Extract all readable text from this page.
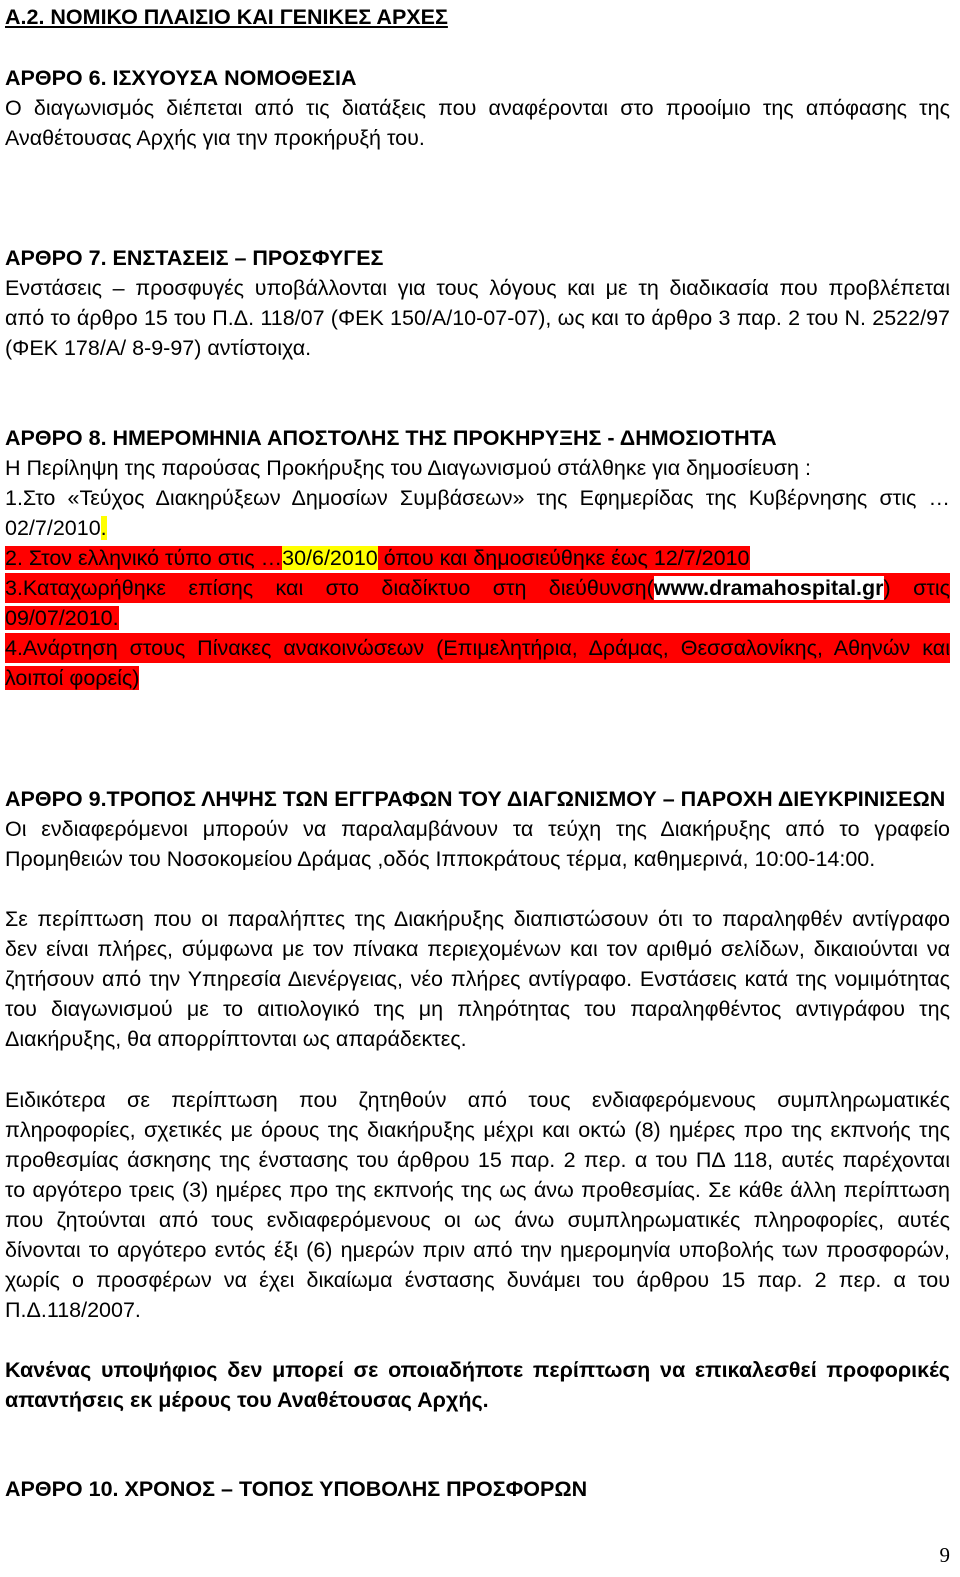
Α.2. ΝΟΜΙΚΟ ΠΛΑΙΣΙΟ ΚΑΙ ΓΕΝΙΚΕΣ ΑΡΧΕΣ
ΑΡΘΡΟ 6. ΙΣΧΥΟΥΣΑ ΝΟΜΟΘΕΣΙΑ
Ο διαγωνισμός διέπεται από τις διατάξεις που αναφέρονται στο προοίμιο της απόφασης της
Αναθέτουσας Αρχής για την προκήρυξή του.
ΑΡΘΡΟ 7. ΕΝΣΤΑΣΕΙΣ – ΠΡΟΣΦΥΓΕΣ
Ενστάσεις – προσφυγές υποβάλλονται για τους λόγους και με τη διαδικασία που προβλέπεται
από το άρθρο 15 του Π.Δ. 118/07 (ΦΕΚ 150/Α/10-07-07), ως και το άρθρο 3 παρ. 2 του Ν. 2522/97
(ΦΕΚ 178/Α/ 8-9-97) αντίστοιχα.
ΑΡΘΡΟ 8. ΗΜΕΡΟΜΗΝΙΑ ΑΠΟΣΤΟΛΗΣ ΤΗΣ ΠΡΟΚΗΡΥΞΗΣ - ΔΗΜΟΣΙΟΤΗΤΑ
Η Περίληψη της παρούσας Προκήρυξης του Διαγωνισμού στάλθηκε για δημοσίευση :
1.Στο «Τεύχος Διακηρύξεων Δημοσίων Συμβάσεων» της Εφημερίδας της Κυβέρνησης στις …
02/7/2010.
2. Στον ελληνικό τύπο στις …30/6/2010 όπου και δημοσιεύθηκε έως 12/7/2010
3.Καταχωρήθηκε επίσης και στο διαδίκτυο στη διεύθυνση(www.dramahospital.gr) στις
09/07/2010.
4.Ανάρτηση στους Πίνακες ανακοινώσεων (Επιμελητήρια, Δράμας, Θεσσαλονίκης, Αθηνών και
λοιποί φορείς)
ΑΡΘΡΟ 9.ΤΡΟΠΟΣ ΛΗΨΗΣ ΤΩΝ ΕΓΓΡΑΦΩΝ ΤΟΥ ΔΙΑΓΩΝΙΣΜΟΥ – ΠΑΡΟΧΗ ΔΙΕΥΚΡΙΝΙΣΕΩΝ
Οι ενδιαφερόμενοι μπορούν να παραλαμβάνουν τα τεύχη της Διακήρυξης από το γραφείο
Προμηθειών του Νοσοκομείου Δράμας ,οδός Ιπποκράτους τέρμα, καθημερινά, 10:00-14:00.
Σε περίπτωση που οι παραλήπτες της Διακήρυξης διαπιστώσουν ότι το παραληφθέν αντίγραφο
δεν είναι πλήρες, σύμφωνα με τον πίνακα περιεχομένων και τον αριθμό σελίδων, δικαιούνται να
ζητήσουν από την Υπηρεσία Διενέργειας, νέο πλήρες αντίγραφο. Ενστάσεις κατά της νομιμότητας
του διαγωνισμού με το αιτιολογικό της μη πληρότητας του παραληφθέντος αντιγράφου της
Διακήρυξης, θα απορρίπτονται ως απαράδεκτες.
Ειδικότερα σε περίπτωση που ζητηθούν από τους ενδιαφερόμενους συμπληρωματικές
πληροφορίες, σχετικές με όρους της διακήρυξης μέχρι και οκτώ (8) ημέρες προ της εκπνοής της
προθεσμίας άσκησης της ένστασης του άρθρου 15 παρ. 2 περ. α του ΠΔ 118, αυτές παρέχονται
το αργότερο τρεις (3) ημέρες προ της εκπνοής της ως άνω προθεσμίας. Σε κάθε άλλη περίπτωση
που ζητούνται από τους ενδιαφερόμενους οι ως άνω συμπληρωματικές πληροφορίες, αυτές
δίνονται το αργότερο εντός έξι (6) ημερών πριν από την ημερομηνία υποβολής των προσφορών,
χωρίς ο προσφέρων να έχει δικαίωμα ένστασης δυνάμει του άρθρου 15 παρ. 2 περ. α του
Π.Δ.118/2007.
Κανένας υποψήφιος δεν μπορεί σε οποιαδήποτε περίπτωση να επικαλεσθεί προφορικές
απαντήσεις εκ μέρους του Αναθέτουσας Αρχής.
ΑΡΘΡΟ 10. ΧΡΟΝΟΣ – ΤΟΠΟΣ ΥΠΟΒΟΛΗΣ ΠΡΟΣΦΟΡΩΝ
9
